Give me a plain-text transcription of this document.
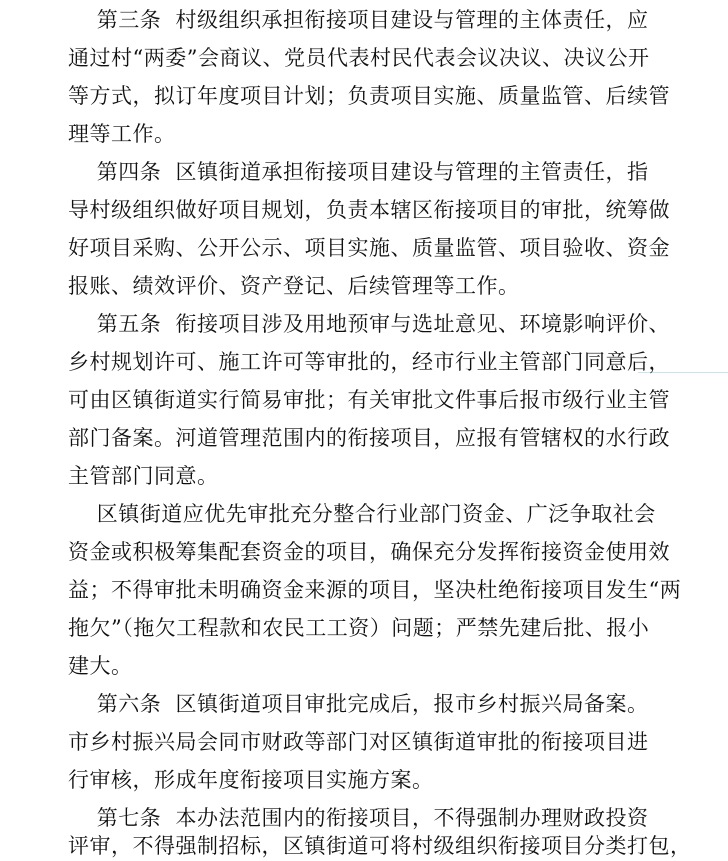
第三条  村级组织承担衔接项目建设与管理的主体责任，应
通过村“两委”会商议、党员代表村民代表会议决议、决议公开
等方式，拟订年度项目计划；负责项目实施、质量监管、后续管
理等工作。
第四条  区镇街道承担衔接项目建设与管理的主管责任，指
导村级组织做好项目规划，负责本辖区衔接项目的审批，统筹做
好项目采购、公开公示、项目实施、质量监管、项目验收、资金
报账、绩效评价、资产登记、后续管理等工作。
第五条  衔接项目涉及用地预审与选址意见、环境影响评价、
乡村规划许可、施工许可等审批的，经市行业主管部门同意后，
可由区镇街道实行简易审批；有关审批文件事后报市级行业主管
部门备案。河道管理范围内的衔接项目，应报有管辖权的水行政
主管部门同意。
区镇街道应优先审批充分整合行业部门资金、广泛争取社会
资金或积极筹集配套资金的项目，确保充分发挥衔接资金使用效
益；不得审批未明确资金来源的项目，坚决杜绝衔接项目发生“两
拖欠”（拖欠工程款和农民工工资）问题；严禁先建后批、报小
建大。
第六条  区镇街道项目审批完成后，报市乡村振兴局备案。
市乡村振兴局会同市财政等部门对区镇街道审批的衔接项目进
行审核，形成年度衔接项目实施方案。
第七条  本办法范围内的衔接项目，不得强制办理财政投资
评审，不得强制招标，区镇街道可将村级组织衔接项目分类打包，
